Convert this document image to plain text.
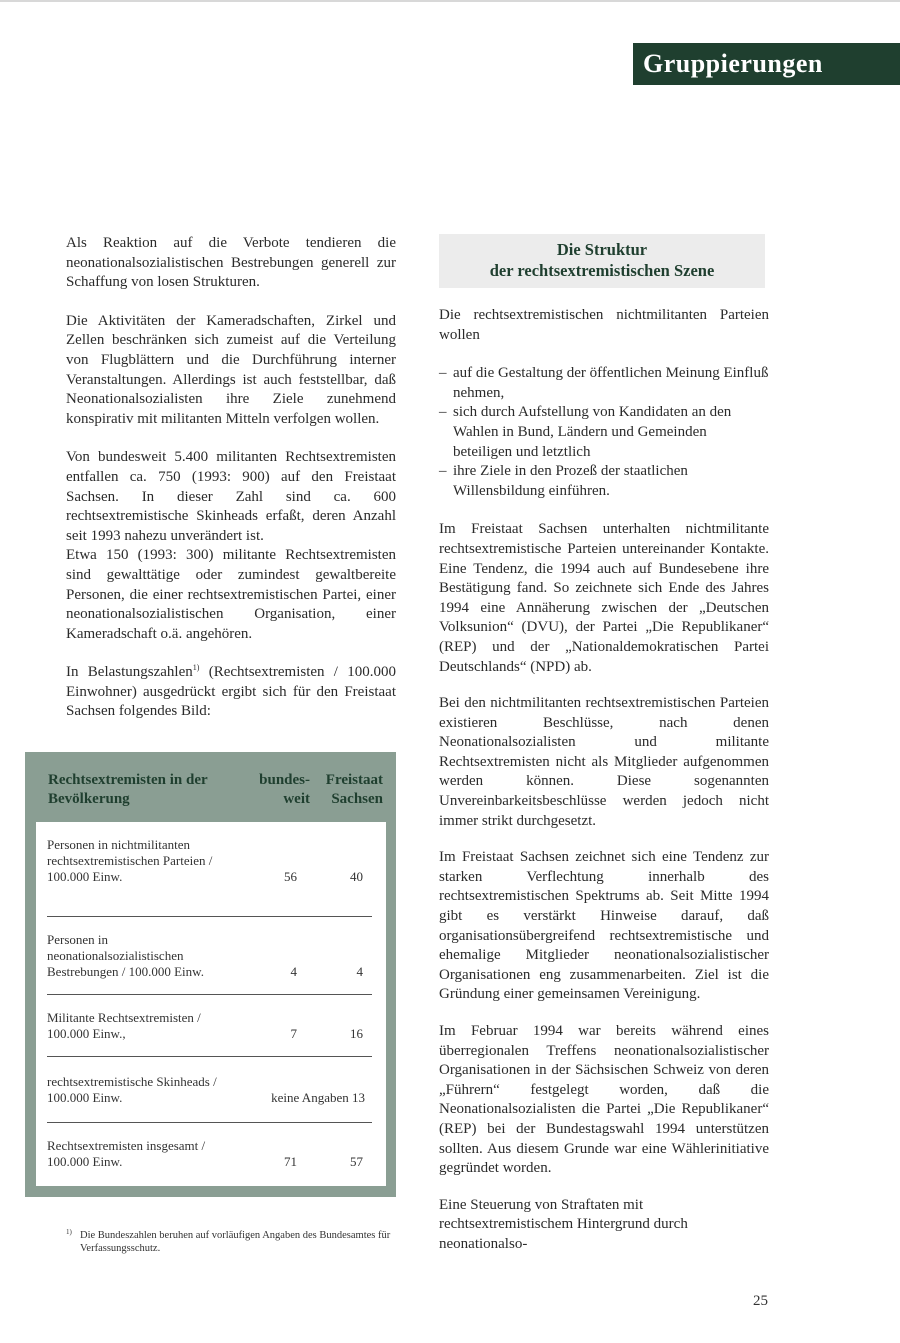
Gruppierungen

Als Reaktion auf die Verbote tendieren die neonationalsozialistischen Bestrebungen generell zur Schaffung von losen Strukturen.

Die Aktivitäten der Kameradschaften, Zirkel und Zellen beschränken sich zumeist auf die Verteilung von Flugblättern und die Durchführung interner Veranstaltungen. Allerdings ist auch feststellbar, daß Neonationalsozialisten ihre Ziele zunehmend konspirativ mit militanten Mitteln verfolgen wollen.

Von bundesweit 5.400 militanten Rechtsextremisten entfallen ca. 750 (1993: 900) auf den Freistaat Sachsen. In dieser Zahl sind ca. 600 rechtsextremistische Skinheads erfaßt, deren Anzahl seit 1993 nahezu unverändert ist.

Etwa 150 (1993: 300) militante Rechtsextremisten sind gewalttätige oder zumindest gewaltbereite Personen, die einer rechtsextremistischen Partei, einer neonationalsozialistischen Organisation, einer Kameradschaft o.ä. angehören.

In Belastungszahlen$^{1)}$ (Rechtsextremisten / 100.000 Einwohner) ausgedrückt ergibt sich für den Freistaat Sachsen folgendes Bild:

Rechtsextremisten in der Bevölkerung
bundes- weit
Freistaat Sachsen
Personen in nichtmilitanten rechtsextremistischen Parteien / 100.000 Einw.	56	40
Personen in neonationalsozialistischen Bestrebungen / 100.000 Einw.	4	4
Militante Rechtsextremisten / 100.000 Einw.,	7	16
rechtsextremistische Skinheads / 100.000 Einw.	keine Angaben 13
Rechtsextremisten insgesamt / 100.000 Einw.	71	57
1) Die Bundeszahlen beruhen auf vorläufigen Angaben des Bundesamtes für Verfassungsschutz.
Die Struktur
der rechtsextremistischen Szene

Die rechtsextremistischen nichtmilitanten Parteien wollen

– auf die Gestaltung der öffentlichen Meinung Einfluß nehmen,
– sich durch Aufstellung von Kandidaten an den Wahlen in Bund, Ländern und Gemeinden beteiligen und letztlich
– ihre Ziele in den Prozeß der staatlichen Willensbildung einführen.

Im Freistaat Sachsen unterhalten nichtmilitante rechtsextremistische Parteien untereinander Kontakte. Eine Tendenz, die 1994 auch auf Bundesebene ihre Bestätigung fand. So zeichnete sich Ende des Jahres 1994 eine Annäherung zwischen der „Deutschen Volksunion“ (DVU), der Partei „Die Republikaner“ (REP) und der „Nationaldemokratischen Partei Deutschlands“ (NPD) ab.

Bei den nichtmilitanten rechtsextremistischen Parteien existieren Beschlüsse, nach denen Neonationalsozialisten und militante Rechtsextremisten nicht als Mitglieder aufgenommen werden können. Diese sogenannten Unvereinbarkeitsbeschlüsse werden jedoch nicht immer strikt durchgesetzt.

Im Freistaat Sachsen zeichnet sich eine Tendenz zur starken Verflechtung innerhalb des rechtsextremistischen Spektrums ab. Seit Mitte 1994 gibt es verstärkt Hinweise darauf, daß organisationsübergreifend rechtsextremistische und ehemalige Mitglieder neonationalsozialistischer Organisationen eng zusammenarbeiten. Ziel ist die Gründung einer gemeinsamen Vereinigung.

Im Februar 1994 war bereits während eines überregionalen Treffens neonationalsozialistischer Organisationen in der Sächsischen Schweiz von deren „Führern“ festgelegt worden, daß die Neonationalsozialisten die Partei „Die Republikaner“ (REP) bei der Bundestagswahl 1994 unterstützen sollten. Aus diesem Grunde war eine Wählerinitiative gegründet worden.

Eine Steuerung von Straftaten mit rechtsextremistischem Hintergrund durch neonationalso-

25
